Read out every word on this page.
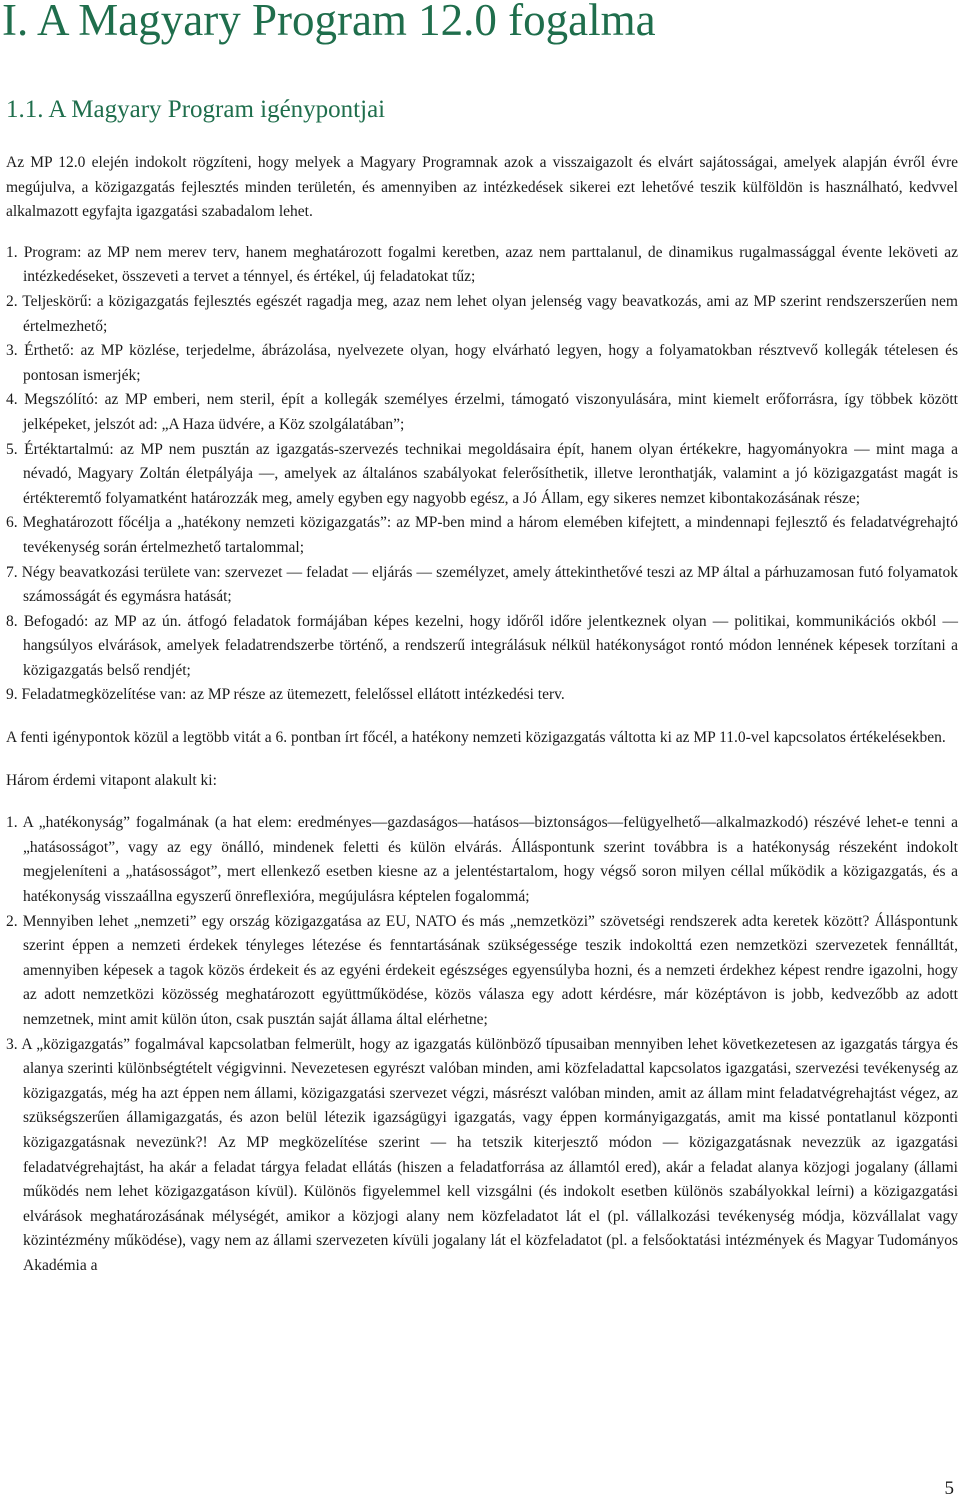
I. A Magyary Program 12.0 fogalma
1.1. A Magyary Program igénypontjai

Az MP 12.0 elején indokolt rögzíteni, hogy melyek a Magyary Programnak azok a visszaigazolt és elvárt sajátosságai, amelyek alapján évről évre megújulva, a közigazgatás fejlesztés minden területén, és amennyiben az intézkedések sikerei ezt lehetővé teszik külföldön is használható, kedvvel alkalmazott egyfajta igazgatási szabadalom lehet.

1. Program: az MP nem merev terv, hanem meghatározott fogalmi keretben, azaz nem parttalanul, de dinamikus rugalmassággal évente leköveti az intézkedéseket, összeveti a tervet a ténnyel, és értékel, új feladatokat tűz;
2. Teljeskörű: a közigazgatás fejlesztés egészét ragadja meg, azaz nem lehet olyan jelenség vagy beavatkozás, ami az MP szerint rendszerszerűen nem értelmezhető;
3. Érthető: az MP közlése, terjedelme, ábrázolása, nyelvezete olyan, hogy elvárható legyen, hogy a folyamatokban résztvevő kollegák tételesen és pontosan ismerjék;
4. Megszólító: az MP emberi, nem steril, épít a kollegák személyes érzelmi, támogató viszonyulására, mint kiemelt erőforrásra, így többek között jelképeket, jelszót ad: „A Haza üdvére, a Köz szolgálatában”;
5. Értéktartalmú: az MP nem pusztán az igazgatás-szervezés technikai megoldásaira épít, hanem olyan értékekre, hagyományokra — mint maga a névadó, Magyary Zoltán életpályája —, amelyek az általános szabályokat felerősíthetik, illetve leronthatják, valamint a jó közigazgatást magát is értékteremtő folyamatként határozzák meg, amely egyben egy nagyobb egész, a Jó Állam, egy sikeres nemzet kibontakozásának része;
6. Meghatározott főcélja a „hatékony nemzeti közigazgatás”: az MP-ben mind a három elemében kifejtett, a mindennapi fejlesztő és feladatvégrehajtó tevékenység során értelmezhető tartalommal;
7. Négy beavatkozási területe van: szervezet — feladat — eljárás — személyzet, amely áttekinthetővé teszi az MP által a párhuzamosan futó folyamatok számosságát és egymásra hatását;
8. Befogadó: az MP az ún. átfogó feladatok formájában képes kezelni, hogy időről időre jelentkeznek olyan — politikai, kommunikációs okból — hangsúlyos elvárások, amelyek feladatrendszerbe történő, a rendszerű integrálásuk nélkül hatékonyságot rontó módon lennének képesek torzítani a közigazgatás belső rendjét;
9. Feladatmegközelítése van: az MP része az ütemezett, felelőssel ellátott intézkedési terv.

A fenti igénypontok közül a legtöbb vitát a 6. pontban írt főcél, a hatékony nemzeti közigazgatás váltotta ki az MP 11.0-vel kapcsolatos értékelésekben.

Három érdemi vitapont alakult ki:

1. A „hatékonyság” fogalmának (a hat elem: eredményes—gazdaságos—hatásos—biztonságos—felügyelhető—alkalmazkodó) részévé lehet-e tenni a „hatásosságot”, vagy az egy önálló, mindenek feletti és külön elvárás. Álláspontunk szerint továbbra is a hatékonyság részeként indokolt megjeleníteni a „hatásosságot”, mert ellenkező esetben kiesne az a jelentéstartalom, hogy végső soron milyen céllal működik a közigazgatás, és a hatékonyság visszaállna egyszerű önreflexióra, megújulásra képtelen fogalommá;
2. Mennyiben lehet „nemzeti” egy ország közigazgatása az EU, NATO és más „nemzetközi” szövetségi rendszerek adta keretek között? Álláspontunk szerint éppen a nemzeti érdekek tényleges létezése és fenntartásának szükségessége teszik indokolttá ezen nemzetközi szervezetek fennálltát, amennyiben képesek a tagok közös érdekeit és az egyéni érdekeit egészséges egyensúlyba hozni, és a nemzeti érdekhez képest rendre igazolni, hogy az adott nemzetközi közösség meghatározott együttműködése, közös válasza egy adott kérdésre, már középtávon is jobb, kedvezőbb az adott nemzetnek, mint amit külön úton, csak pusztán saját állama által elérhetne;
3. A „közigazgatás” fogalmával kapcsolatban felmerült, hogy az igazgatás különböző típusaiban mennyiben lehet következetesen az igazgatás tárgya és alanya szerinti különbségtételt végigvinni. Nevezetesen egyrészt valóban minden, ami közfeladattal kapcsolatos igazgatási, szervezési tevékenység az közigazgatás, még ha azt éppen nem állami, közigazgatási szervezet végzi, másrészt valóban minden, amit az állam mint feladatvégrehajtást végez, az szükségszerűen államigazgatás, és azon belül létezik igazságügyi igazgatás, vagy éppen kormányigazgatás, amit ma kissé pontatlanul központi közigazgatásnak nevezünk?! Az MP megközelítése szerint — ha tetszik kiterjesztő módon — közigazgatásnak nevezzük az igazgatási feladatvégrehajtást, ha akár a feladat tárgya feladat ellátás (hiszen a feladatforrása az államtól ered), akár a feladat alanya közjogi jogalany (állami működés nem lehet közigazgatáson kívül). Különös figyelemmel kell vizsgálni (és indokolt esetben különös szabályokkal leírni) a közigazgatási elvárások meghatározásának mélységét, amikor a közjogi alany nem közfeladatot lát el (pl. vállalkozási tevékenység módja, közvállalat vagy közintézmény működése), vagy nem az állami szervezeten kívüli jogalany lát el közfeladatot (pl. a felsőoktatási intézmények és Magyar Tudományos Akadémia a
5
